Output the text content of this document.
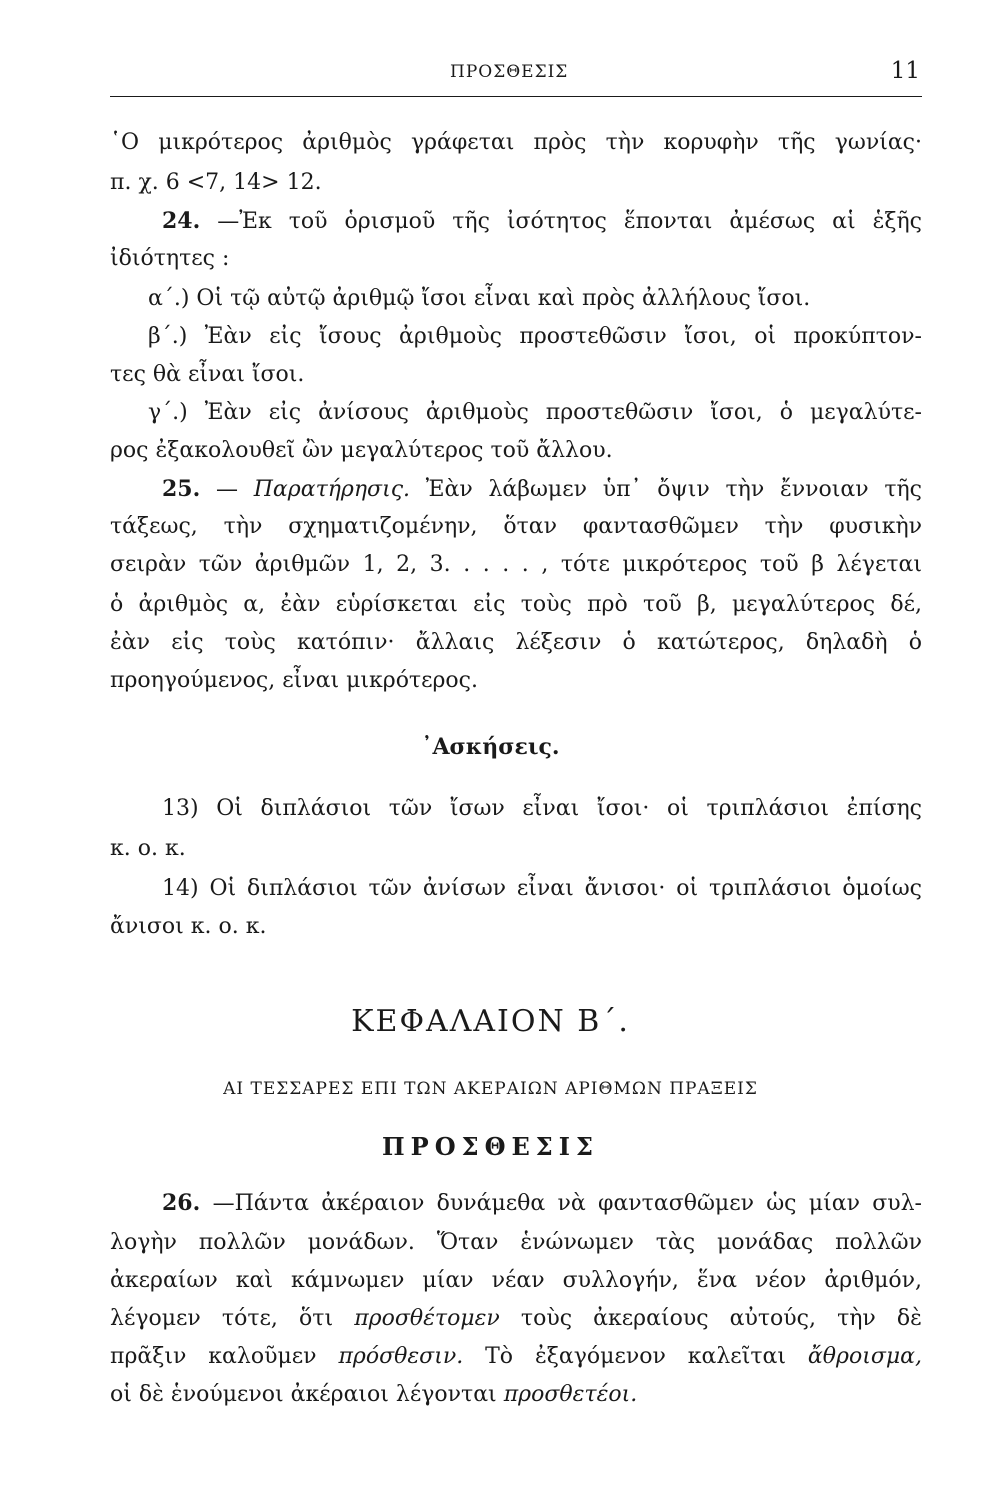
ΠΡΟΣΘΕΣΙΣ	11
῾Ο μικρότερος ἀριθμὸς γράφεται πρὸς τὴν κορυφὴν τῆς γωνίας·
π. χ. 6 <7, 14> 12.
24. —Ἐκ τοῦ ὁρισμοῦ τῆς ἰσότητος ἕπονται ἀμέσως αἱ ἑξῆς
ἰδιότητες :
α΄.) Οἱ τῷ αὐτῷ ἀριθμῷ ἴσοι εἶναι καὶ πρὸς ἀλλήλους ἴσοι.
β΄.) Ἐὰν εἰς ἴσους ἀριθμοὺς προστεθῶσιν ἴσοι, οἱ προκύπτον-
τες θὰ εἶναι ἴσοι.
γ΄.) Ἐὰν εἰς ἀνίσους ἀριθμοὺς προστεθῶσιν ἴσοι, ὁ μεγαλύτε-
ρος ἐξακολουθεῖ ὢν μεγαλύτερος τοῦ ἄλλου.
25. — Παρατήρησις. Ἐὰν λάβωμεν ὑπ᾽ ὄψιν τὴν ἔννοιαν τῆς
τάξεως, τὴν σχηματιζομένην, ὅταν φαντασθῶμεν τὴν φυσικὴν
σειρὰν τῶν ἀριθμῶν 1, 2, 3. . . . . , τότε μικρότερος τοῦ β λέγεται
ὁ ἀριθμὸς α, ἐὰν εὑρίσκεται εἰς τοὺς πρὸ τοῦ β, μεγαλύτερος δέ,
ἐὰν εἰς τοὺς κατόπιν· ἄλλαις λέξεσιν ὁ κατώτερος, δηλαδὴ ὁ
προηγούμενος, εἶναι μικρότερος.
᾽Ασκήσεις.
13) Οἱ διπλάσιοι τῶν ἴσων εἶναι ἴσοι· οἱ τριπλάσιοι ἐπίσης
κ. ο. κ.
14) Οἱ διπλάσιοι τῶν ἀνίσων εἶναι ἄνισοι· οἱ τριπλάσιοι ὁμοίως
ἄνισοι κ. ο. κ.
ΚΕΦΑΛΑΙΟΝ Β΄.
ΑΙ ΤΕΣΣΑΡΕΣ ΕΠΙ ΤΩΝ ΑΚΕΡΑΙΩΝ ΑΡΙΘΜΩΝ ΠΡΑΞΕΙΣ
ΠΡΟΣΘΕΣΙΣ
26. —Πάντα ἀκέραιον δυνάμεθα νὰ φαντασθῶμεν ὡς μίαν συλ-
λογὴν πολλῶν μονάδων. Ὅταν ἑνώνωμεν τὰς μονάδας πολλῶν
ἀκεραίων καὶ κάμνωμεν μίαν νέαν συλλογήν, ἕνα νέον ἀριθμόν,
λέγομεν τότε, ὅτι προσθέτομεν τοὺς ἀκεραίους αὐτούς, τὴν δὲ
πρᾶξιν καλοῦμεν πρόσθεσιν. Τὸ ἐξαγόμενον καλεῖται ἄθροισμα,
οἱ δὲ ἑνούμενοι ἀκέραιοι λέγονται προσθετέοι.
